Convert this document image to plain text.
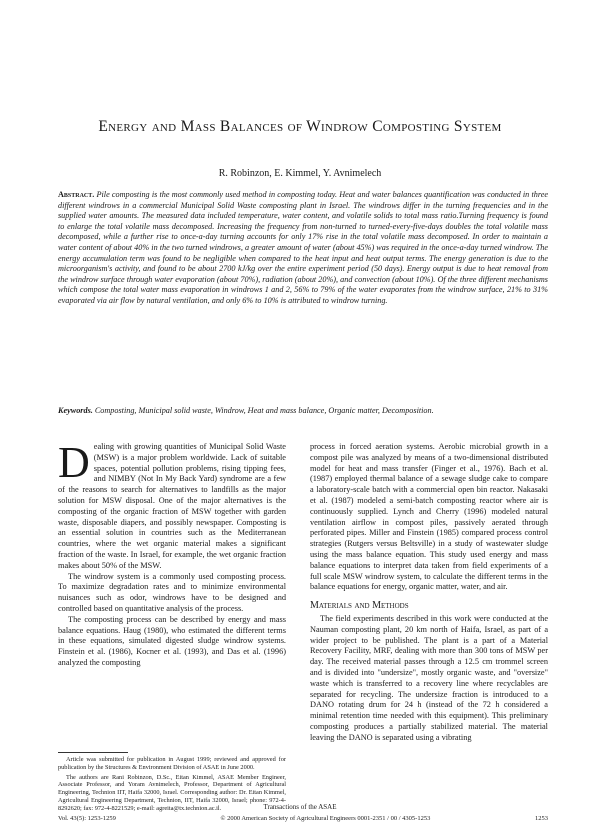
Energy and Mass Balances of Windrow Composting System
R. Robinzon, E. Kimmel, Y. Avnimelech
Abstract. Pile composting is the most commonly used method in composting today. Heat and water balances quantification was conducted in three different windrows in a commercial Municipal Solid Waste composting plant in Israel. The windrows differ in the turning frequencies and in the supplied water amounts. The measured data included temperature, water content, and volatile solids to total mass ratio.Turning frequency is found to enlarge the total volatile mass decomposed. Increasing the frequency from non-turned to turned-every-five-days doubles the total volatile mass decomposed, while a further rise to once-a-day turning accounts for only 17% rise in the total volatile mass decomposed. In order to maintain a water content of about 40% in the two turned windrows, a greater amount of water (about 45%) was required in the once-a-day turned windrow. The energy accumulation term was found to be negligible when compared to the heat input and heat output terms. The energy generation is due to the microorganism's activity, and found to be about 2700 kJ/kg over the entire experiment period (50 days). Energy output is due to heat removal from the windrow surface through water evaporation (about 70%), radiation (about 20%), and convection (about 10%). Of the three different mechanisms which compose the total water mass evaporation in windrows 1 and 2, 56% to 79% of the water evaporates from the windrow surface, 21% to 31% evaporated via air flow by natural ventilation, and only 6% to 10% is attributed to windrow turning.
Keywords. Composting, Municipal solid waste, Windrow, Heat and mass balance, Organic matter, Decomposition.

Dealing with growing quantities of Municipal Solid Waste (MSW) is a major problem worldwide. Lack of suitable spaces, potential pollution problems, rising tipping fees, and NIMBY (Not In My Back Yard) syndrome are a few of the reasons to search for alternatives to landfills as the major solution for MSW disposal. One of the major alternatives is the composting of the organic fraction of MSW together with garden waste, disposable diapers, and possibly newspaper. Composting is an essential solution in countries such as the Mediterranean countries, where the wet organic material makes a significant fraction of the waste. In Israel, for example, the wet organic fraction makes about 50% of the MSW.

The windrow system is a commonly used composting process. To maximize degradation rates and to minimize environmental nuisances such as odor, windrows have to be designed and controlled based on quantitative analysis of the process.

The composting process can be described by energy and mass balance equations. Haug (1980), who estimated the different terms in these equations, simulated digested sludge windrow systems. Finstein et al. (1986), Kocner et al. (1993), and Das et al. (1996) analyzed the composting

process in forced aeration systems. Aerobic microbial growth in a compost pile was analyzed by means of a two-dimensional distributed model for heat and mass transfer (Finger et al., 1976). Bach et al. (1987) employed thermal balance of a sewage sludge cake to compare a laboratory-scale batch with a commercial open bin reactor. Nakasaki et al. (1987) modeled a semi-batch composting reactor where air is continuously supplied. Lynch and Cherry (1996) modeled natural ventilation airflow in compost piles, passively aerated through perforated pipes. Miller and Finstein (1985) compared process control strategies (Rutgers versus Beltsville) in a study of wastewater sludge using the mass balance equation. This study used energy and mass balance equations to interpret data taken from field experiments of a full scale MSW windrow system, to calculate the different terms in the balance equations for energy, organic matter, water, and air.

Materials and Methods

The field experiments described in this work were conducted at the Nauman composting plant, 20 km north of Haifa, Israel, as part of a wider project to be published. The plant is a part of a Material Recovery Facility, MRF, dealing with more than 300 tons of MSW per day. The received material passes through a 12.5 cm trommel screen and is divided into "undersize", mostly organic waste, and "oversize" waste which is transferred to a recovery line where recyclables are separated for recycling. The undersize fraction is introduced to a DANO rotating drum for 24 h (instead of the 72 h considered a minimal retention time needed with this equipment). This preliminary composting produces a partially stabilized material. The material leaving the DANO is separated using a vibrating

Article was submitted for publication in August 1999; reviewed and approved for publication by the Structures & Environment Division of ASAE in June 2000.

The authors are Rani Robinzon, D.Sc., Eitan Kimmel, ASAE Member Engineer, Associate Professor, and Yoram Avnimelech, Professor, Department of Agricultural Engineering, Technion IIT, Haifa 32000, Israel. Corresponding author: Dr. Eitan Kimmel, Agricultural Engineering Department, Technion, IIT, Haifa 32000, Israel; phone: 972-4-8292620; fax: 972-4-8221529; e-mail: agreita@tx.technion.ac.il.	Transactions of the ASAE
Vol. 43(5): 1253-1259	© 2000 American Society of Agricultural Engineers 0001-2351 / 00 / 4305-1253	1253
